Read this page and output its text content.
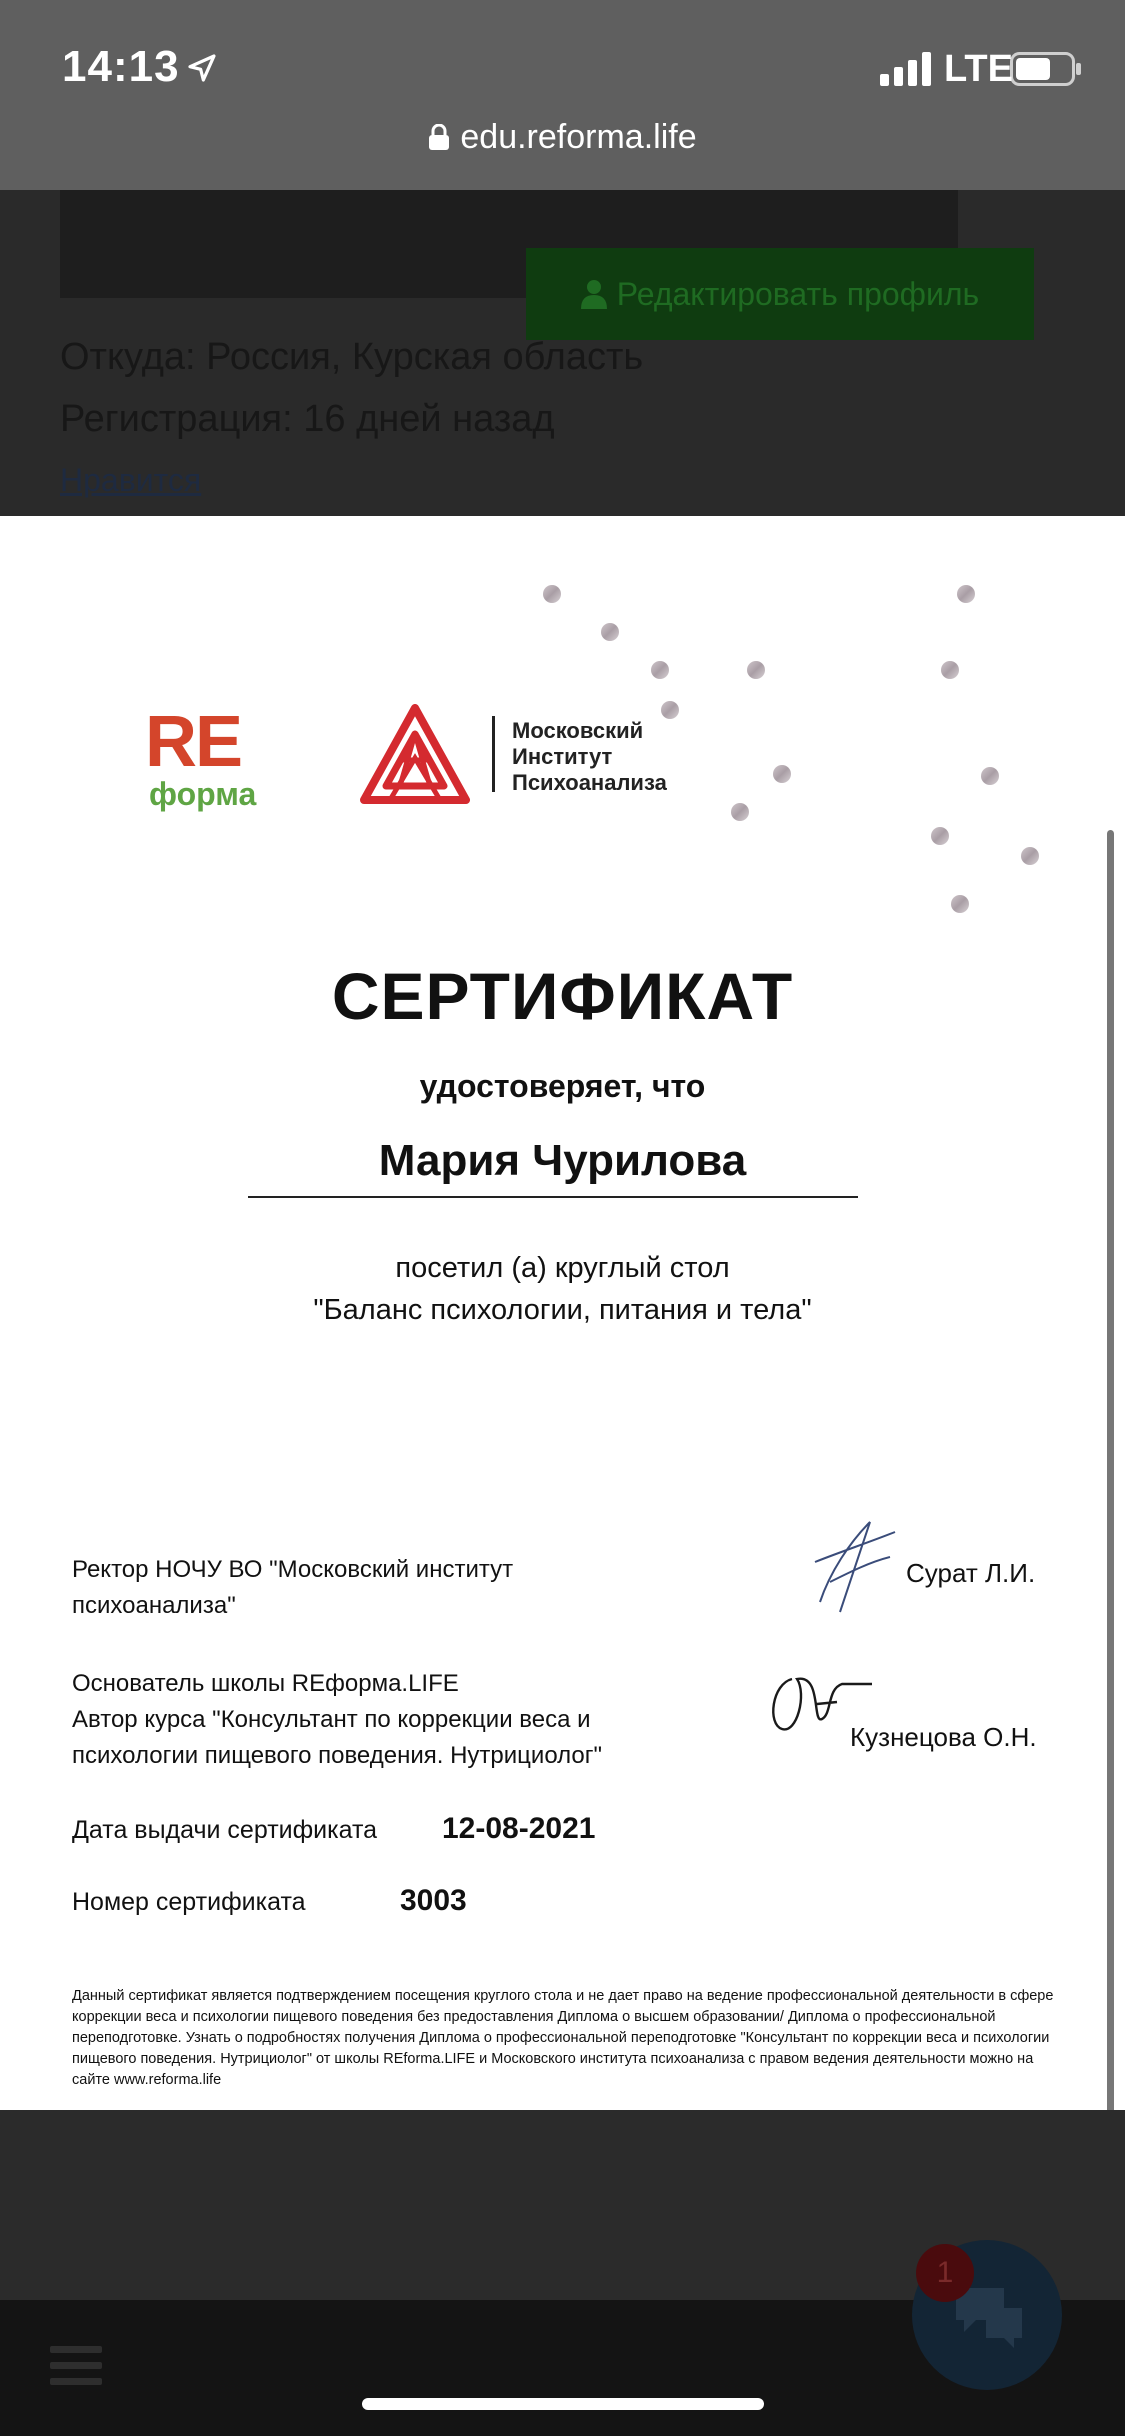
14:13	LTE
edu.reforma.life
Редактировать профиль
Откуда: Россия, Курская область
Регистрация: 16 дней назад
Нравится
RE
форма
Московский
Институт
Психоанализа
СЕРТИФИКАТ
удостоверяет, что
Мария Чурилова
посетил (а) круглый стол
"Баланс психологии, питания и тела"
Ректор НОЧУ ВО "Московский институт
психоанализа"
Сурат Л.И.
Основатель школы REформа.LIFE
Автор курса "Консультант по коррекции веса и
психологии пищевого поведения. Нутрициолог"
Кузнецова О.Н.
Дата выдачи сертификата 12-08-2021
Номер сертификата	3003
Данный сертификат является подтверждением посещения круглого стола и не дает право на ведение профессиональной деятельности в сфере коррекции веса и психологии пищевого поведения без предоставления Диплома о высшем образовании/ Диплома о профессиональной переподготовке. Узнать о подробностях получения Диплома о профессиональной переподготовке "Консультант по коррекции веса и психологии пищевого поведения. Нутрициолог" от школы REforma.LIFE и Московского института психоанализа с правом ведения деятельности можно на сайте www.reforma.life
1
